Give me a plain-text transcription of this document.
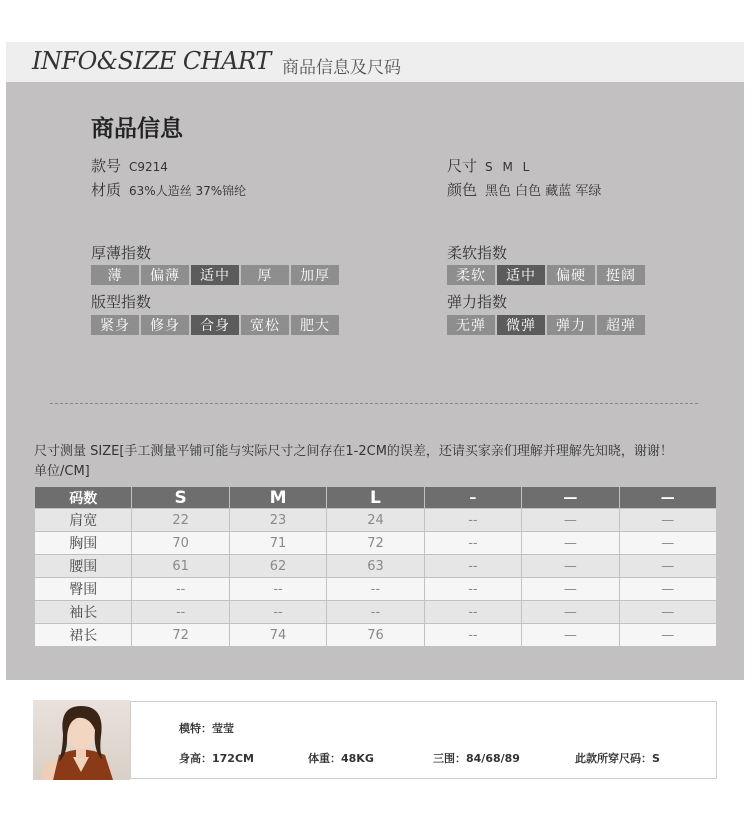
INFO&SIZE CHART 商品信息及尺码
商品信息
款号 C9214
材质 63%人造丝 37%锦纶
尺寸 S M L
颜色 黑色 白色 藏蓝 军绿
厚薄指数
薄	偏薄	适中	厚	加厚
版型指数
紧身	修身	合身	宽松	肥大
柔软指数
柔软	适中	偏硬	挺阔
弹力指数
无弹	微弹	弹力	超弹
尺寸测量 SIZE[手工测量平铺可能与实际尺寸之间存在1-2CM的误差，还请买家亲们理解并理解先知晓，谢谢！
单位/CM]
码数	S	M	L	–	—	—
肩宽	22	23	24	--	—	—
胸围	70	71	72	--	—	—
腰围	61	62	63	--	—	—
臀围	--	--	--	--	—	—
袖长	--	--	--	--	—	—
裙长	72	74	76	--	—	—
模特：莹莹
身高：172CM	体重：48KG	三围：84/68/89	此款所穿尺码：S
